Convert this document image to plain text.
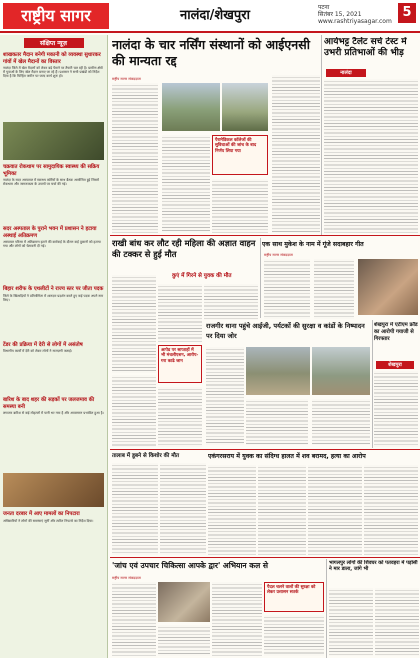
राष्ट्रीय सागर	नालंदा/शेखपुरा
पटना
सितंबर 15, 2021
www.rashtriyasagar.com
5
संक्षिप्त न्यूज़
शाखकतर मैदान बनेगी मकानी को व्यवस्था सुधारकर गांवों में खेल मैदानों का विस्तार
नालंदा जिले में खेल मैदानों को लेकर बड़े पैमाने पर तैयारी चल रही है। ग्रामीण क्षेत्रों में युवाओं के लिए खेल मैदान बनाए जा रहे हैं। प्रशासन ने सभी प्रखंडों को निर्देश दिया है कि चिन्हित जमीन पर जल्द कार्य शुरू हो।
चक्रवात रोकथाम पर सामुदायिक स्वास्थ्य की सक्रिय भूमिका
नालंदा के सदर अस्पताल में स्वास्थ्य कर्मियों के साथ बैठक आयोजित हुई जिसमें रोकथाम और जागरूकता के उपायों पर चर्चा की गई।
सदर अस्पताल के पुराने भवन में प्रशासन ने हटाया अस्थाई अतिक्रमण
अस्पताल परिसर में अतिक्रमण हटाने की कार्रवाई के दौरान कई दुकानों को हटाया गया और लोगों को चेतावनी दी गई।
बिहार शरीफ के एथलीटों ने राज्य स्तर पर जीता पदक
जिले के खिलाड़ियों ने प्रतियोगिता में शानदार प्रदर्शन करते हुए कई पदक अपने नाम किए।
टेंडर की प्रक्रिया में देरी से लोगों में असंतोष
विभागीय कार्यों में देरी को लेकर लोगों ने नाराज़गी जताई।
बारिश के बाद शहर की सड़कों पर जलजमाव की समस्या बनी
लगातार बारिश से कई मोहल्लों में पानी भर गया है और आवागमन प्रभावित हुआ है।
जनता दरबार में आए मामलों का निपटारा
अधिकारियों ने लोगों की समस्याएं सुनीं और त्वरित निपटारे का निर्देश दिया।
नालंदा के चार नर्सिंग संस्थानों को आईएनसी की मान्यता रद्द
आर्यभट्ट टैलेंट सर्च टेस्ट में उभरी प्रतिभाओं की भीड़
राष्ट्रीय सागर संवाददाता
पैरामेडिकल कॉलेजों की सुविधाओं की जांच के बाद निर्णय लिया गया
नालंदा
राखी बांध कर लौट रही महिला की अज्ञात वाहन की टक्कर से हुई मौत
कुएं में गिरने से युवक की मौत
एक साथ मुकेश के नाम में गूंजे सदाबहार गीत
आपेड पर साप्ताहों में भी मंथलीएशन, आरोप-गरा काढे जान
राष्ट्रीय सागर संवाददाता
राजगीर थाना पहुंचे आईजी, पर्यटकों की सुरक्षा व कांडों के निष्पादन पर दिया जोर
शेखपुरा में एटीएम फ्रॉड का आरोपी गयाजी से गिरफ्तार
शेखपुरा
तालाब में डूबने से किशोर की मौत	एकंगरसराय में युवक का संदिग्ध हालत में शव बरामद, हत्या का आरोप
'जांच एवं उपचार चिकित्सा आपके द्वार' अभियान कल से
राष्ट्रीय सागर संवाददाता
पैदल चलने वालों की सुरक्षा को लेकर प्रशासन सतर्क
भागलपुर लोगों की शिवघर को पतवहरा में पड़ोसी ने मार डाला, जांगे भी
